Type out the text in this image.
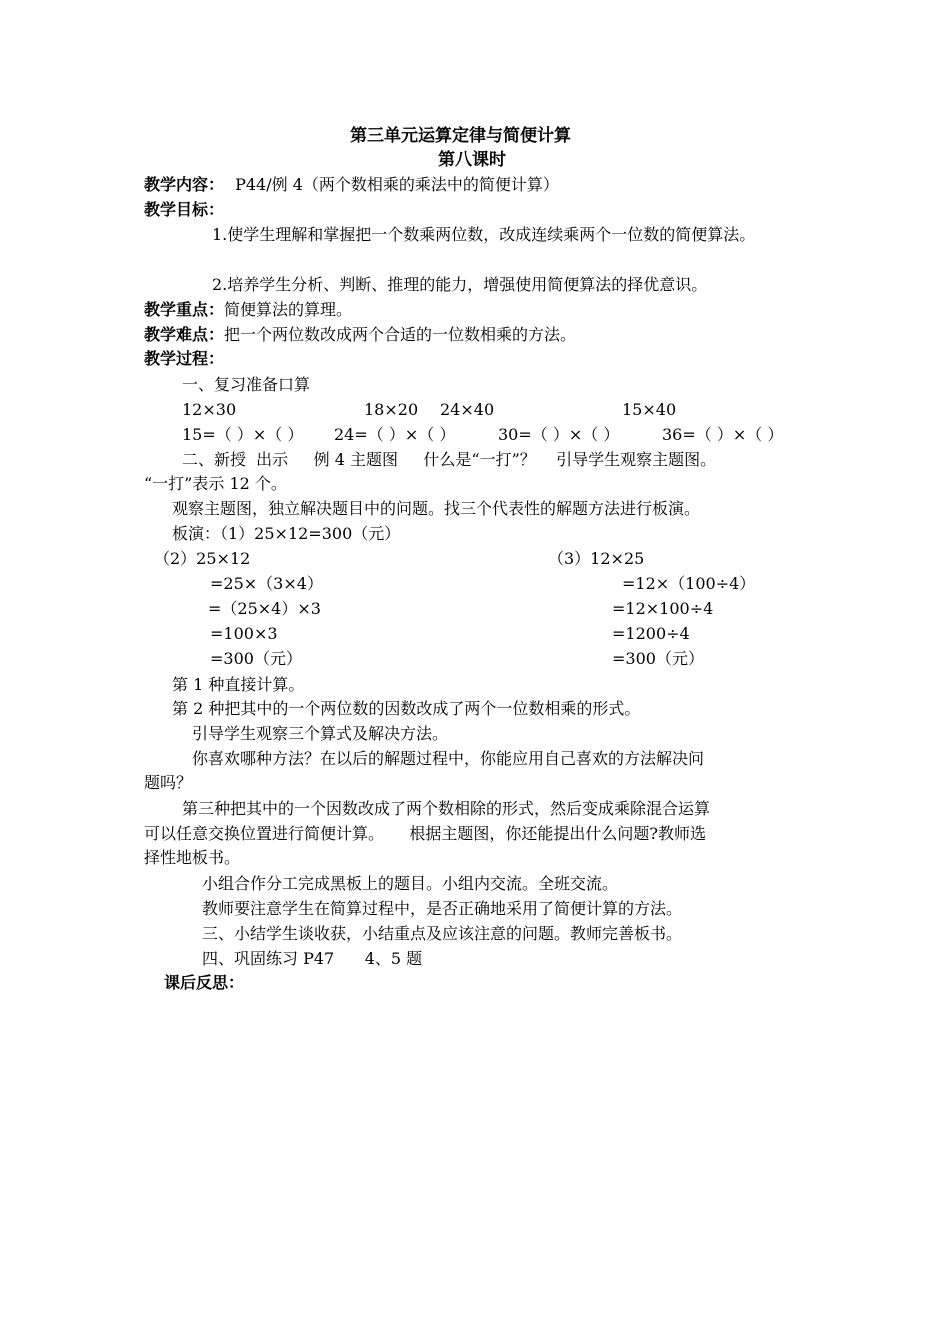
第三单元运算定律与简便计算
第八课时
教学内容： P44/例 4（两个数相乘的乘法中的简便计算）
教学目标：
1.使学生理解和掌握把一个数乘两位数，改成连续乘两个一位数的简便算法。
2.培养学生分析、判断、推理的能力，增强使用简便算法的择优意识。
教学重点：简便算法的算理。
教学难点：把一个两位数改成两个合适的一位数相乘的方法。
教学过程：
一、复习准备口算
12×30	18×20 24×40	15×40
15=（ ）×（ ） 24=（ ）×（ ）	30=（ ）×（ ）	36=（ ）×（ ）
二、新授  出示     例 4 主题图     什么是“一打”？    引导学生观察主题图。
“一打”表示 12 个。
观察主题图，独立解决题目中的问题。找三个代表性的解题方法进行板演。
板演：（1）25×12=300（元）
（2）25×12
=25×（3×4）
=（25×4）×3
=100×3
=300（元）
（3）12×25
=12×（100÷4）
=12×100÷4
=1200÷4
=300（元）
第 1 种直接计算。
第 2 种把其中的一个两位数的因数改成了两个一位数相乘的形式。
引导学生观察三个算式及解决方法。
你喜欢哪种方法？在以后的解题过程中，你能应用自己喜欢的方法解决问
题吗？
第三种把其中的一个因数改成了两个数相除的形式，然后变成乘除混合运算
可以任意交换位置进行简便计算。     根据主题图，你还能提出什么问题?教师选
择性地板书。
小组合作分工完成黑板上的题目。小组内交流。全班交流。
教师要注意学生在简算过程中，是否正确地采用了简便计算的方法。
三、小结学生谈收获，小结重点及应该注意的问题。教师完善板书。
四、巩固练习 P47      4、5 题
课后反思：
